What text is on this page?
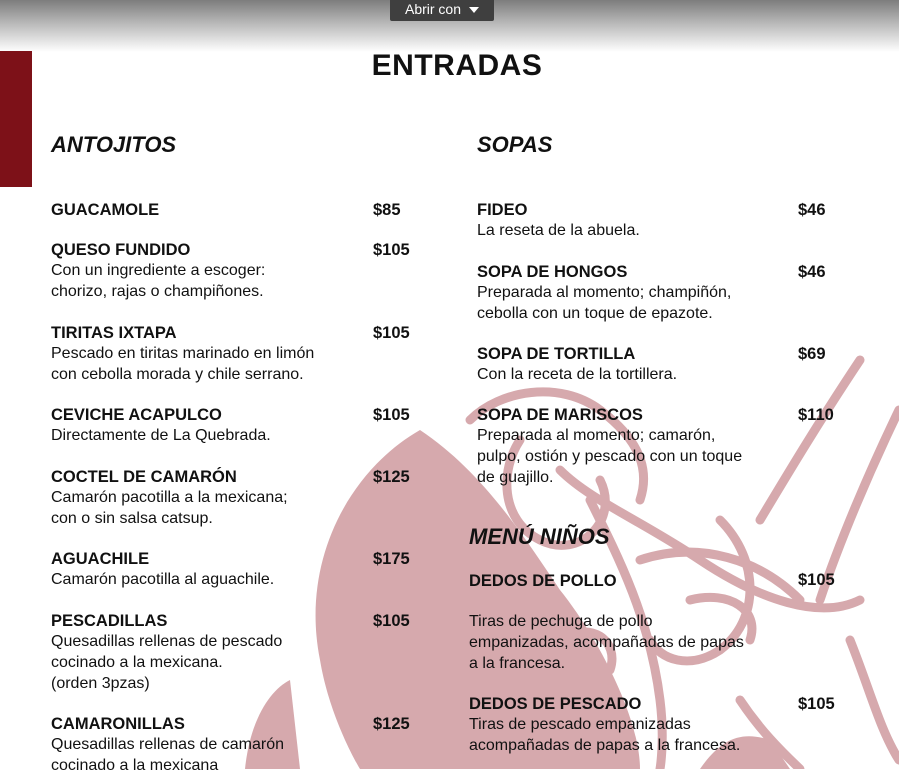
Abrir con
ENTRADAS
ANTOJITOS
GUACAMOLE	$85
QUESO FUNDIDO	$105
Con un ingrediente a escoger:
chorizo, rajas o champiñones.
TIRITAS IXTAPA	$105
Pescado en tiritas marinado en limón
con cebolla morada y chile serrano.
CEVICHE ACAPULCO	$105
Directamente de La Quebrada.
COCTEL DE CAMARÓN	$125
Camarón pacotilla a la mexicana;
con o sin salsa catsup.
AGUACHILE	$175
Camarón pacotilla al aguachile.
PESCADILLAS	$105
Quesadillas rellenas de pescado
cocinado a la mexicana.
(orden 3pzas)
CAMARONILLAS	$125
Quesadillas rellenas de camarón
cocinado a la mexicana
SOPAS
FIDEO	$46
La reseta de la abuela.
SOPA DE HONGOS	$46
Preparada al momento; champiñón,
cebolla con un toque de epazote.
SOPA DE TORTILLA	$69
Con la receta de la tortillera.
SOPA DE MARISCOS	$110
Preparada al momento; camarón,
pulpo, ostión y pescado con un toque
de guajillo.
MENÚ NIÑOS
DEDOS DE POLLO	$105
Tiras de pechuga de pollo
empanizadas, acompañadas de papas
a la francesa.
DEDOS DE PESCADO	$105
Tiras de pescado empanizadas
acompañadas de papas a la francesa.
